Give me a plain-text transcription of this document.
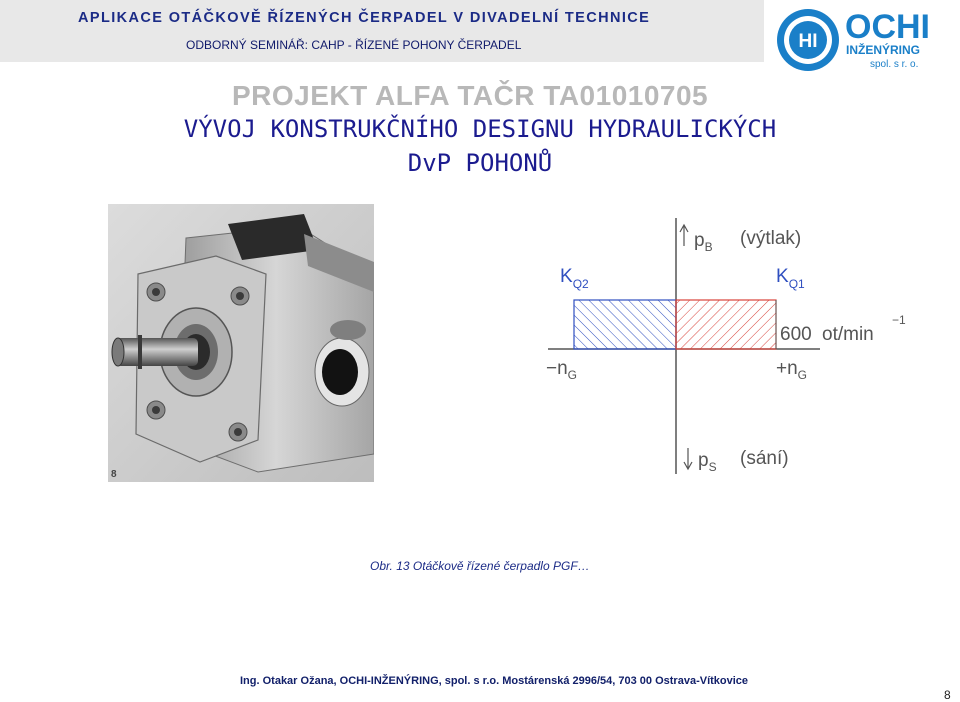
APLIKACE OTÁČKOVĚ ŘÍZENÝCH ČERPADEL V DIVADELNÍ TECHNICE
ODBORNÝ SEMINÁŘ: CAHP - ŘÍZENÉ POHONY ČERPADEL	HI OCHI
INŽENÝRING
spol. s r. o.
PROJEKT ALFA TAČR TA01010705
VÝVOJ KONSTRUKČNÍHO DESIGNU HYDRAULICKÝCH
DvP POHONŮ
8
$p_B$ (výtlak)
$p_S$ (sání)
$K_{Q2}$	$K_{Q1}$
$-n_G$	$+n_G$
600 ot/min
−1
Obr. 13 Otáčkově řízené čerpadlo PGF…
Ing. Otakar Ožana, OCHI-INŽENÝRING, spol. s r.o. Mostárenská 2996/54, 703 00 Ostrava-Vítkovice
8
